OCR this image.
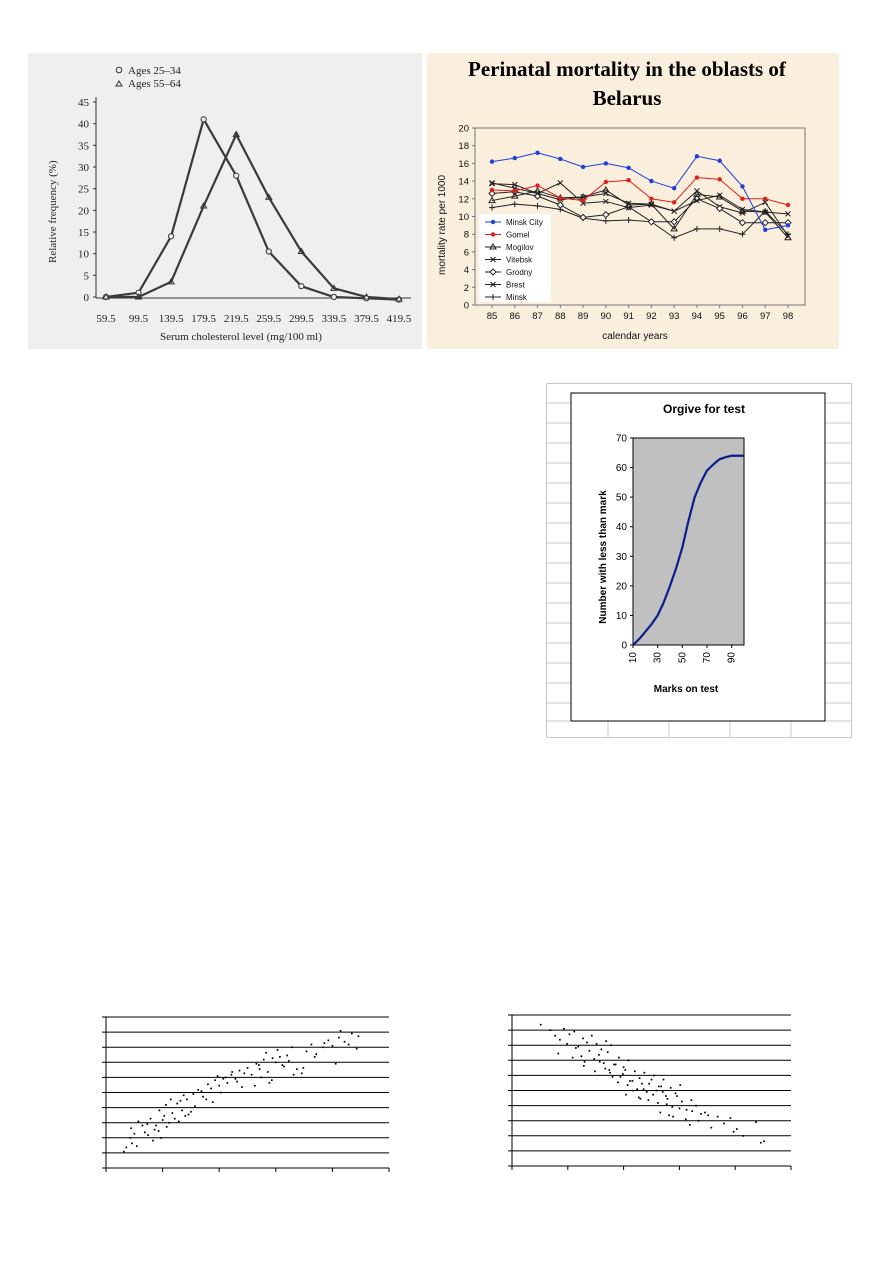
0
5
10
15
20
25
30
35
40
45
59.5 99.5 139.5 179.5 219.5 259.5 299.5 339.5 379.5 419.5
Ages 25–34
Ages 55–64
Relative frequency (%)
Serum cholesterol level (mg/100 ml)
Perinatal mortality in the oblasts of
Belarus
0
2
4
6
8
10
12
14
16
18
20
85 86 87 88 89 90 91 92 93 94 95 96 97 98
Minsk City
Gomel
Mogilov
Vitebsk
Grodny
Brest
Minsk
mortality rate per 1000
calendar years
Orgive for test
0
10
20
30
40
50
60
70
10 30 50 70 90
Number with less than mark
Marks on test
